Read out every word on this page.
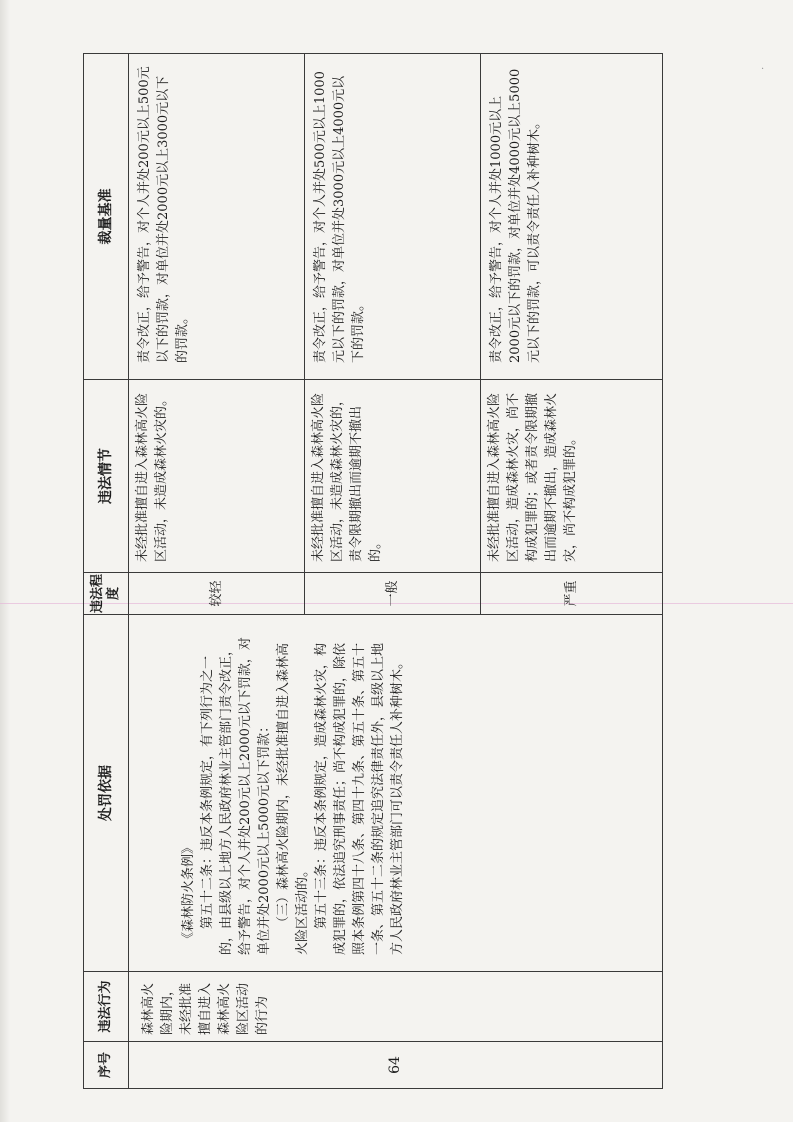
·
序号	违法行为	处罚依据	违法程度	违法情节	裁量基准
64	森林高火险期内，未经批准擅自进入森林高火险区活动的行为	《森林防火条例》 第五十二条：违反本条例规定，有下列行为之一的，由县级以上地方人民政府林业主管部门责令改正，给予警告，对个人并处200元以上2000元以下罚款，对单位并处2000元以上5000元以下罚款： （三）森林高火险期内，未经批准擅自进入森林高火险区活动的。 第五十三条：违反本条例规定，造成森林火灾，构成犯罪的，依法追究刑事责任；尚不构成犯罪的，除依照本条例第四十八条、第四十九条、第五十条、第五十一条、第五十二条的规定追究法律责任外，县级以上地方人民政府林业主管部门可以责令责任人补种树木。	较轻	未经批准擅自进入森林高火险区活动，未造成森林火灾的。	责令改正，给予警告，对个人并处200元以上500元以下的罚款，对单位并处2000元以上3000元以下的罚款。
			一般	未经批准擅自进入森林高火险区活动，未造成森林火灾的，责令限期撤出而逾期不撤出的。	责令改正，给予警告，对个人并处500元以上1000元以下的罚款，对单位并处3000元以上4000元以下的罚款。
			严重	未经批准擅自进入森林高火险区活动，造成森林火灾，尚不构成犯罪的；或者责令限期撤出而逾期不撤出，造成森林火灾，尚不构成犯罪的。	责令改正，给予警告，对个人并处1000元以上2000元以下的罚款，对单位并处4000元以上5000元以下的罚款，可以责令责任人补种树木。
